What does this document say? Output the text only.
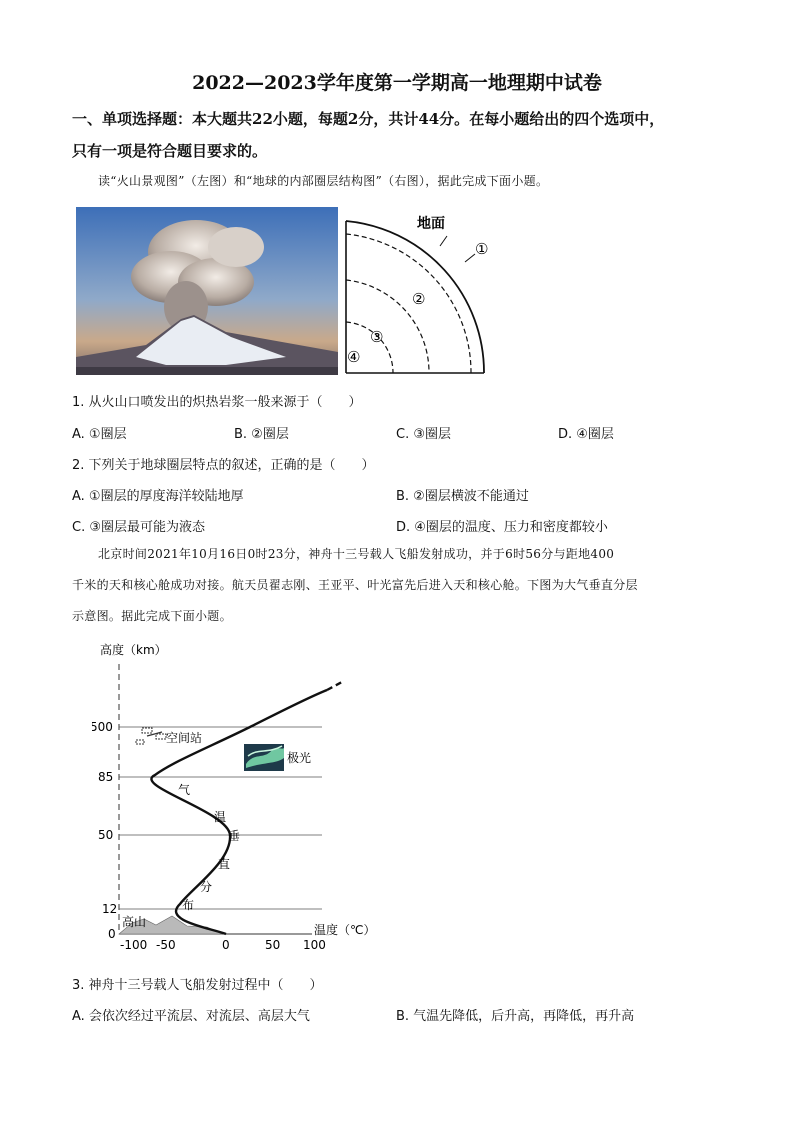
2022—2023学年度第一学期高一地理期中试卷
一、单项选择题：本大题共22小题，每题2分，共计44分。在每小题给出的四个选项中，
只有一项是符合题目要求的。
读“火山景观图”（左图）和“地球的内部圈层结构图”（右图），据此完成下面小题。
地面
①
②
③
④
1. 从火山口喷发出的炽热岩浆一般来源于（　　）
A. ①圈层	B. ②圈层	C. ③圈层	D. ④圈层
2. 下列关于地球圈层特点的叙述，正确的是（　　）
A. ①圈层的厚度海洋较陆地厚	B. ②圈层横波不能通过
C. ③圈层最可能为液态	D. ④圈层的温度、压力和密度都较小
北京时间2021年10月16日0时23分，神舟十三号载人飞船发射成功，并于6时56分与距地400
千米的天和核心舱成功对接。航天员翟志刚、王亚平、叶光富先后进入天和核心舱。下图为大气垂直分层
示意图。据此完成下面小题。
高度（km）
500
85
50
12
0
-100 -50	0	50 100
温度（℃）
高山
气
温
垂
直
分
布
空间站
极光
3. 神舟十三号载人飞船发射过程中（　　）
A. 会依次经过平流层、对流层、高层大气	B. 气温先降低，后升高，再降低，再升高
